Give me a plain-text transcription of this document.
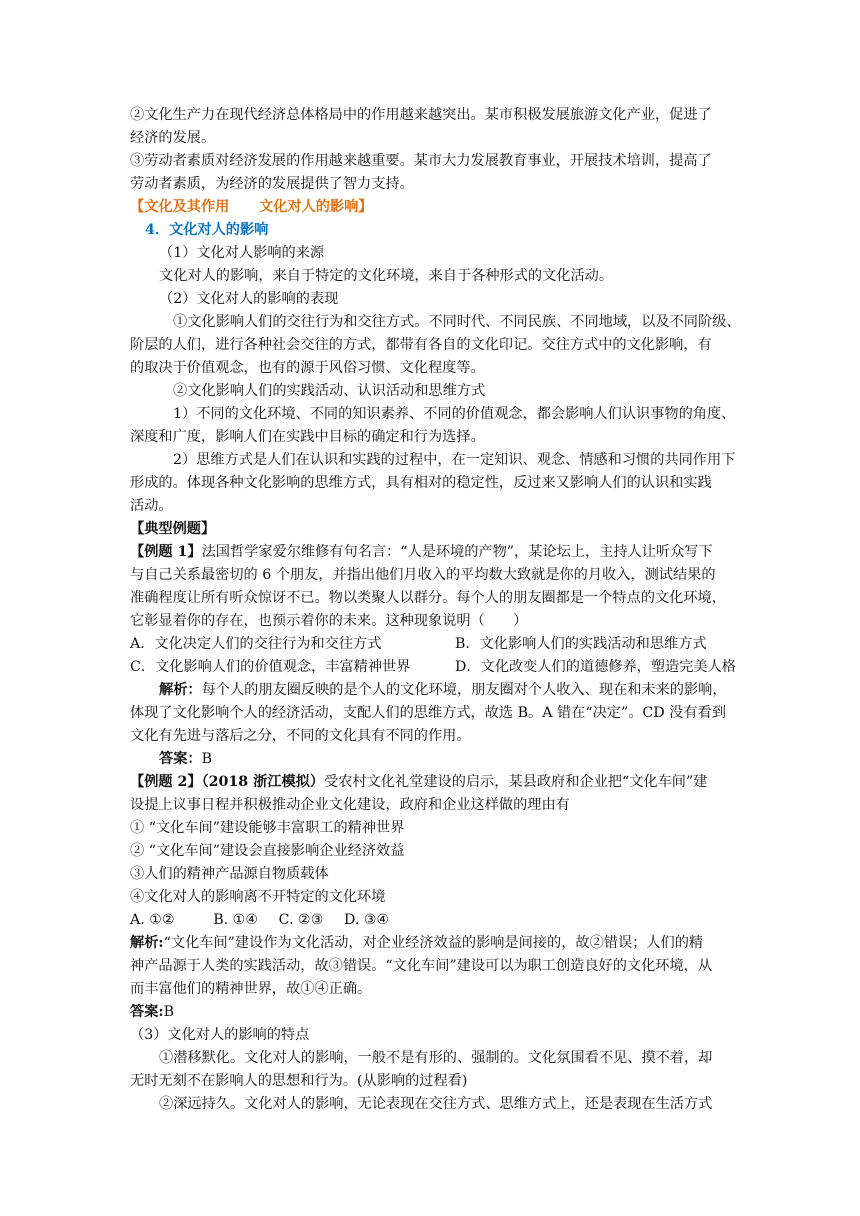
②文化生产力在现代经济总体格局中的作用越来越突出。某市积极发展旅游文化产业，促进了

经济的发展。

③劳动者素质对经济发展的作用越来越重要。某市大力发展教育事业，开展技术培训，提高了

劳动者素质，为经济的发展提供了智力支持。

【文化及其作用      文化对人的影响】

4．文化对人的影响

（1）文化对人影响的来源

文化对人的影响，来自于特定的文化环境，来自于各种形式的文化活动。

（2）文化对人的影响的表现

①文化影响人们的交往行为和交往方式。不同时代、不同民族、不同地域，以及不同阶级、

阶层的人们，进行各种社会交往的方式，都带有各自的文化印记。交往方式中的文化影响，有

的取决于价值观念，也有的源于风俗习惯、文化程度等。

②文化影响人们的实践活动、认识活动和思维方式

1）不同的文化环境、不同的知识素养、不同的价值观念，都会影响人们认识事物的角度、

深度和广度，影响人们在实践中目标的确定和行为选择。

2）思维方式是人们在认识和实践的过程中，在一定知识、观念、情感和习惯的共同作用下

形成的。体现各种文化影响的思维方式，具有相对的稳定性，反过来又影响人们的认识和实践

活动。

【典型例题】

【例题 1】法国哲学家爱尔维修有句名言：“人是环境的产物”，某论坛上，主持人让听众写下

与自己关系最密切的 6 个朋友，并指出他们月收入的平均数大致就是你的月收入，测试结果的

准确程度让所有听众惊讶不已。物以类聚人以群分。每个人的朋友圈都是一个特点的文化环境，

它彰显着你的存在，也预示着你的未来。这种现象说明（　　）

A．文化决定人们的交往行为和交往方式	B．文化影响人们的实践活动和思维方式

C．文化影响人们的价值观念，丰富精神世界	D．文化改变人们的道德修养，塑造完美人格

解析：每个人的朋友圈反映的是个人的文化环境，朋友圈对个人收入、现在和未来的影响，

体现了文化影响个人的经济活动，支配人们的思维方式，故选 B。A 错在“决定”。CD 没有看到

文化有先进与落后之分，不同的文化具有不同的作用。

答案：B

【例题 2】（2018 浙江模拟）受农村文化礼堂建设的启示，某县政府和企业把“文化车间”建

设提上议事日程并积极推动企业文化建设，政府和企业这样做的理由有

① “文化车间”建设能够丰富职工的精神世界

② “文化车间”建设会直接影响企业经济效益

③人们的精神产品源自物质载体

④文化对人的影响离不开特定的文化环境

A. ①②	B. ①④ C. ②③ D. ③④

解析:“文化车间”建设作为文化活动，对企业经济效益的影响是间接的，故②错误；人们的精

神产品源于人类的实践活动，故③错误。“文化车间”建设可以为职工创造良好的文化环境，从

而丰富他们的精神世界，故①④正确。

答案:B

（3）文化对人的影响的特点

①潜移默化。文化对人的影响，一般不是有形的、强制的。文化氛围看不见、摸不着，却

无时无刻不在影响人的思想和行为。(从影响的过程看)

②深远持久。文化对人的影响，无论表现在交往方式、思维方式上，还是表现在生活方式
